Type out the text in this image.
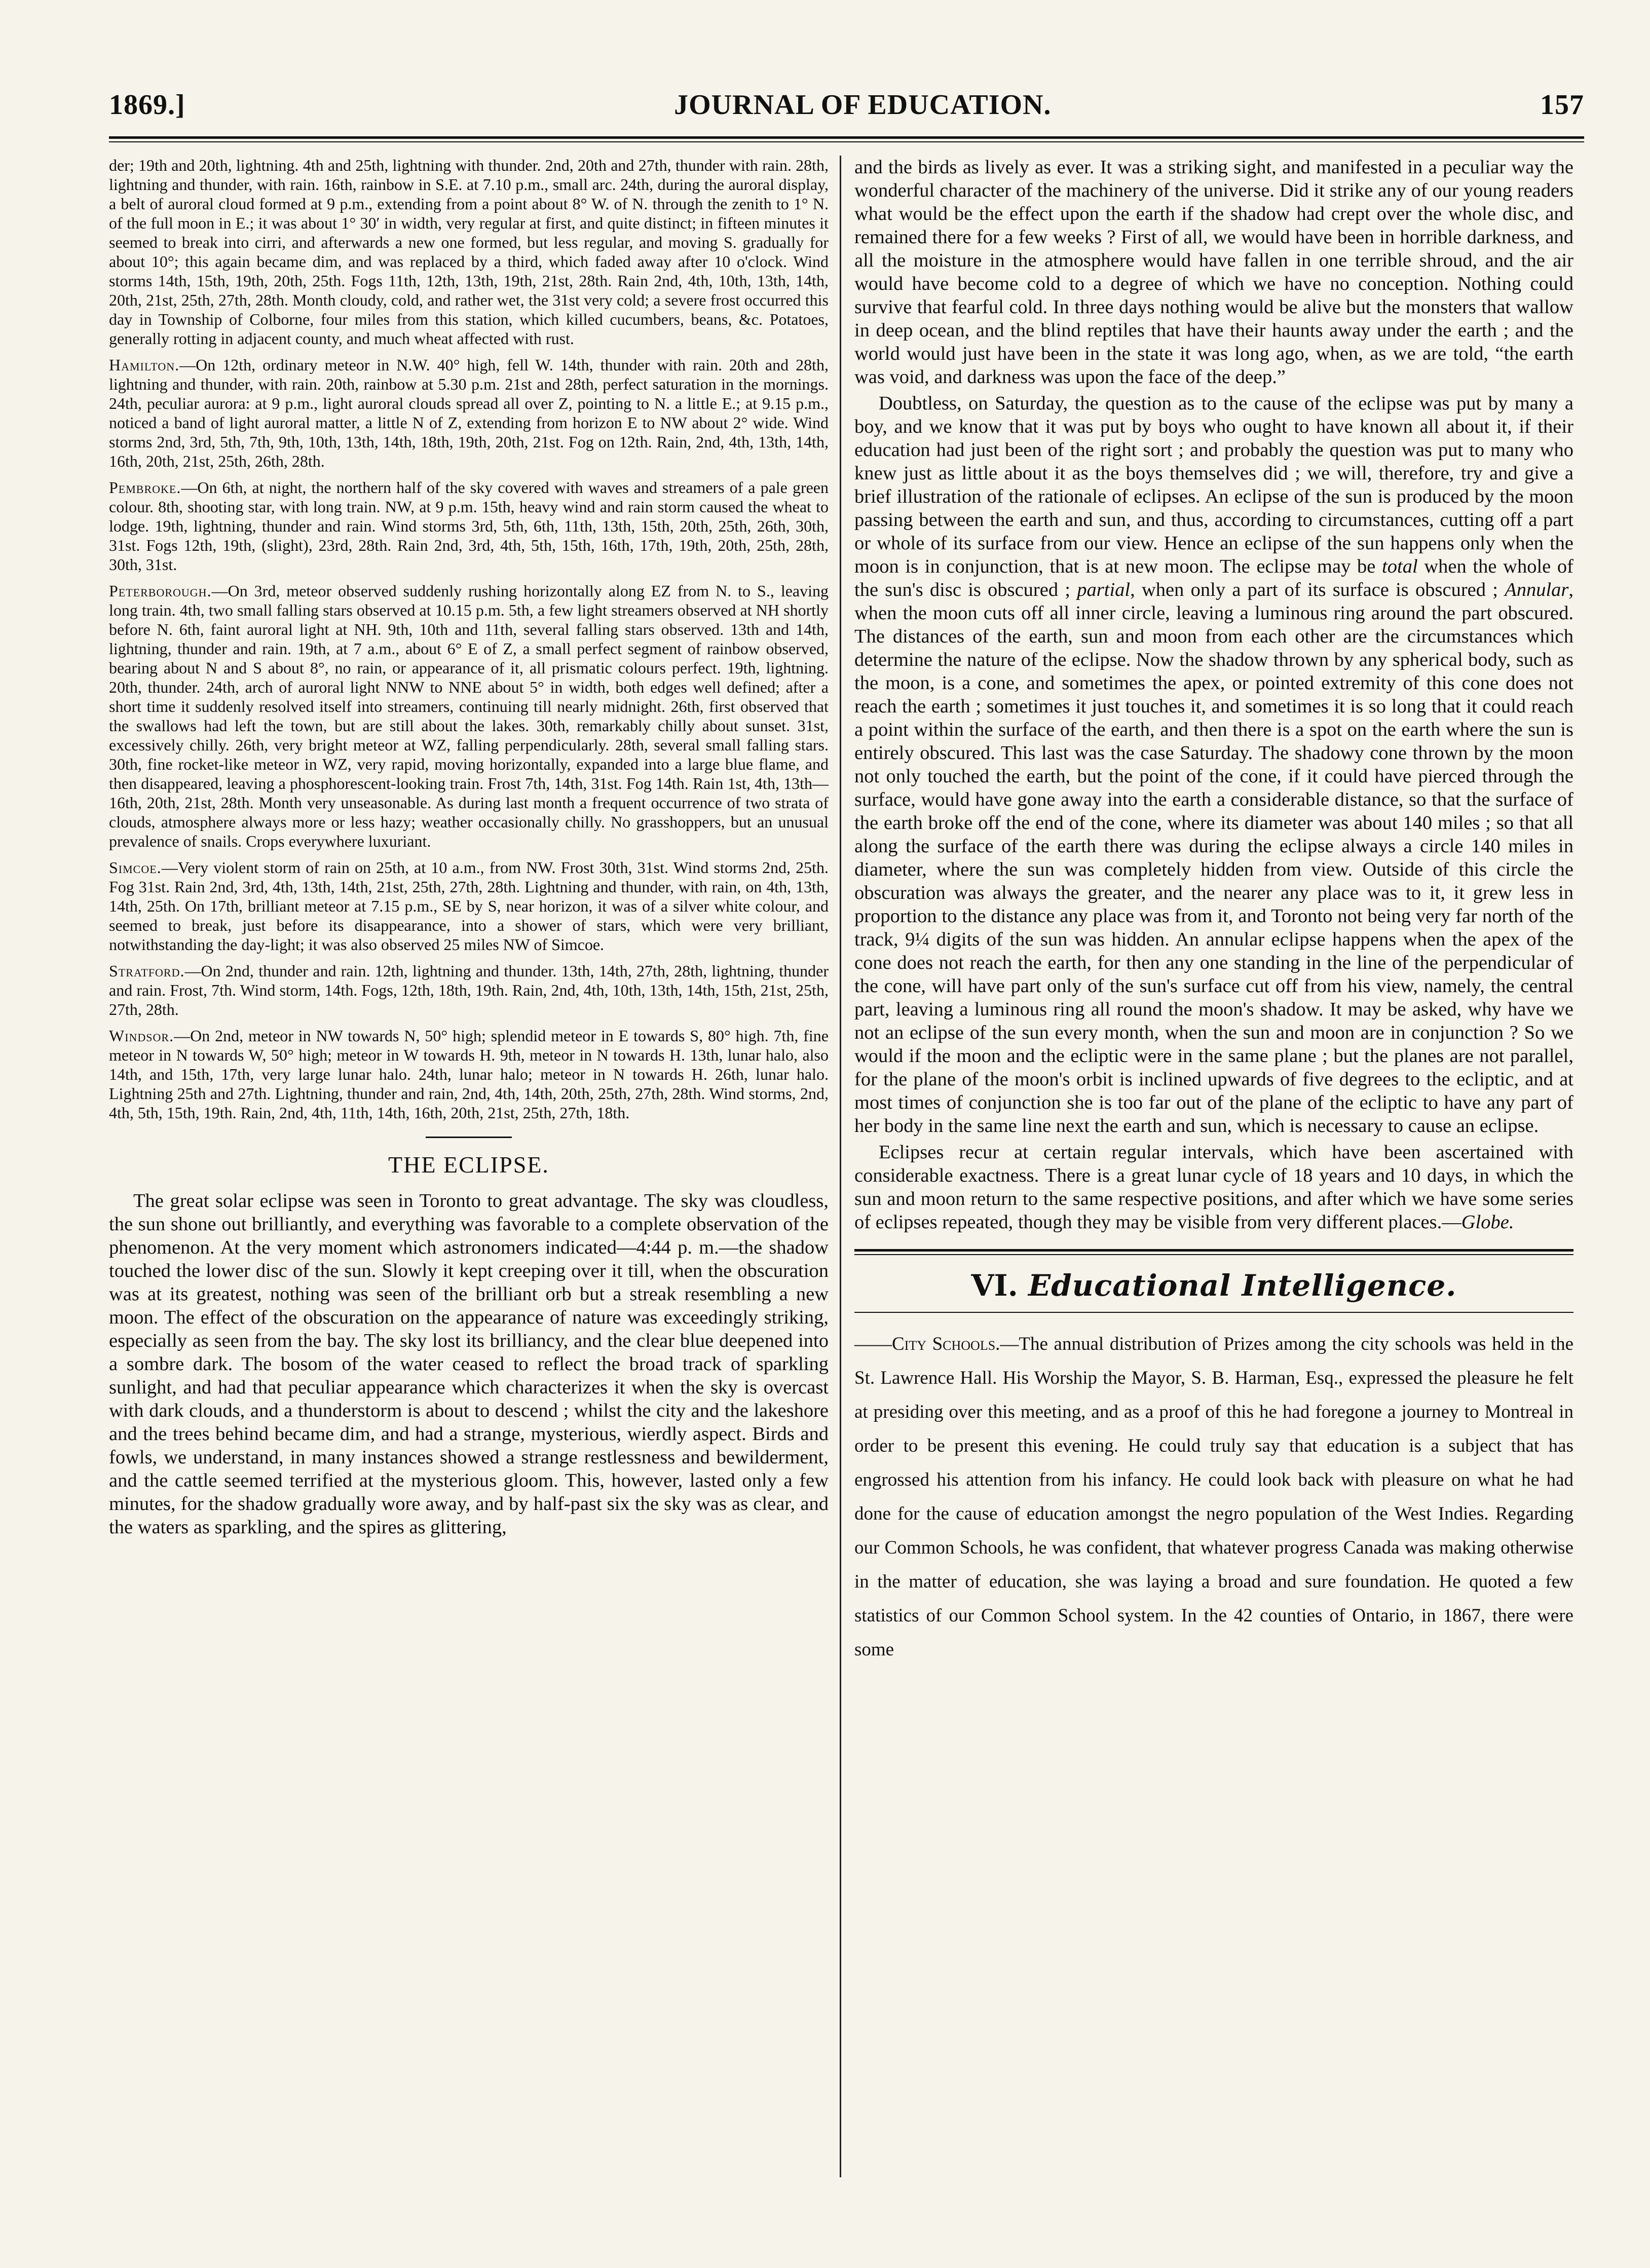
1869.]	JOURNAL OF EDUCATION.	157

der; 19th and 20th, lightning. 4th and 25th, lightning with thunder. 2nd, 20th and 27th, thunder with rain. 28th, lightning and thunder, with rain. 16th, rainbow in S.E. at 7.10 p.m., small arc. 24th, during the auroral display, a belt of auroral cloud formed at 9 p.m., extending from a point about 8° W. of N. through the zenith to 1° N. of the full moon in E.; it was about 1° 30′ in width, very regular at first, and quite distinct; in fifteen minutes it seemed to break into cirri, and afterwards a new one formed, but less regular, and moving S. gradually for about 10°; this again became dim, and was replaced by a third, which faded away after 10 o'clock. Wind storms 14th, 15th, 19th, 20th, 25th. Fogs 11th, 12th, 13th, 19th, 21st, 28th. Rain 2nd, 4th, 10th, 13th, 14th, 20th, 21st, 25th, 27th, 28th. Month cloudy, cold, and rather wet, the 31st very cold; a severe frost occurred this day in Township of Colborne, four miles from this station, which killed cucumbers, beans, &c. Potatoes, generally rotting in adjacent county, and much wheat affected with rust.

Hamilton.—On 12th, ordinary meteor in N.W. 40° high, fell W. 14th, thunder with rain. 20th and 28th, lightning and thunder, with rain. 20th, rainbow at 5.30 p.m. 21st and 28th, perfect saturation in the mornings. 24th, peculiar aurora: at 9 p.m., light auroral clouds spread all over Z, pointing to N. a little E.; at 9.15 p.m., noticed a band of light auroral matter, a little N of Z, extending from horizon E to NW about 2° wide. Wind storms 2nd, 3rd, 5th, 7th, 9th, 10th, 13th, 14th, 18th, 19th, 20th, 21st. Fog on 12th. Rain, 2nd, 4th, 13th, 14th, 16th, 20th, 21st, 25th, 26th, 28th.

Pembroke.—On 6th, at night, the northern half of the sky covered with waves and streamers of a pale green colour. 8th, shooting star, with long train. NW, at 9 p.m. 15th, heavy wind and rain storm caused the wheat to lodge. 19th, lightning, thunder and rain. Wind storms 3rd, 5th, 6th, 11th, 13th, 15th, 20th, 25th, 26th, 30th, 31st. Fogs 12th, 19th, (slight), 23rd, 28th. Rain 2nd, 3rd, 4th, 5th, 15th, 16th, 17th, 19th, 20th, 25th, 28th, 30th, 31st.

Peterborough.—On 3rd, meteor observed suddenly rushing horizontally along EZ from N. to S., leaving long train. 4th, two small falling stars observed at 10.15 p.m. 5th, a few light streamers observed at NH shortly before N. 6th, faint auroral light at NH. 9th, 10th and 11th, several falling stars observed. 13th and 14th, lightning, thunder and rain. 19th, at 7 a.m., about 6° E of Z, a small perfect segment of rainbow observed, bearing about N and S about 8°, no rain, or appearance of it, all prismatic colours perfect. 19th, lightning. 20th, thunder. 24th, arch of auroral light NNW to NNE about 5° in width, both edges well defined; after a short time it suddenly resolved itself into streamers, continuing till nearly midnight. 26th, first observed that the swallows had left the town, but are still about the lakes. 30th, remarkably chilly about sunset. 31st, excessively chilly. 26th, very bright meteor at WZ, falling perpendicularly. 28th, several small falling stars. 30th, fine rocket-like meteor in WZ, very rapid, moving horizontally, expanded into a large blue flame, and then disappeared, leaving a phosphorescent-looking train. Frost 7th, 14th, 31st. Fog 14th. Rain 1st, 4th, 13th—16th, 20th, 21st, 28th. Month very unseasonable. As during last month a frequent occurrence of two strata of clouds, atmosphere always more or less hazy; weather occasionally chilly. No grasshoppers, but an unusual prevalence of snails. Crops everywhere luxuriant.

Simcoe.—Very violent storm of rain on 25th, at 10 a.m., from NW. Frost 30th, 31st. Wind storms 2nd, 25th. Fog 31st. Rain 2nd, 3rd, 4th, 13th, 14th, 21st, 25th, 27th, 28th. Lightning and thunder, with rain, on 4th, 13th, 14th, 25th. On 17th, brilliant meteor at 7.15 p.m., SE by S, near horizon, it was of a silver white colour, and seemed to break, just before its disappearance, into a shower of stars, which were very brilliant, notwithstanding the day-light; it was also observed 25 miles NW of Simcoe.

Stratford.—On 2nd, thunder and rain. 12th, lightning and thunder. 13th, 14th, 27th, 28th, lightning, thunder and rain. Frost, 7th. Wind storm, 14th. Fogs, 12th, 18th, 19th. Rain, 2nd, 4th, 10th, 13th, 14th, 15th, 21st, 25th, 27th, 28th.

Windsor.—On 2nd, meteor in NW towards N, 50° high; splendid meteor in E towards S, 80° high. 7th, fine meteor in N towards W, 50° high; meteor in W towards H. 9th, meteor in N towards H. 13th, lunar halo, also 14th, and 15th, 17th, very large lunar halo. 24th, lunar halo; meteor in N towards H. 26th, lunar halo. Lightning 25th and 27th. Lightning, thunder and rain, 2nd, 4th, 14th, 20th, 25th, 27th, 28th. Wind storms, 2nd, 4th, 5th, 15th, 19th. Rain, 2nd, 4th, 11th, 14th, 16th, 20th, 21st, 25th, 27th, 18th.

THE ECLIPSE.

The great solar eclipse was seen in Toronto to great advantage. The sky was cloudless, the sun shone out brilliantly, and everything was favorable to a complete observation of the phenomenon. At the very moment which astronomers indicated—4:44 p. m.—the shadow touched the lower disc of the sun. Slowly it kept creeping over it till, when the obscuration was at its greatest, nothing was seen of the brilliant orb but a streak resembling a new moon. The effect of the obscuration on the appearance of nature was exceedingly striking, especially as seen from the bay. The sky lost its brilliancy, and the clear blue deepened into a sombre dark. The bosom of the water ceased to reflect the broad track of sparkling sunlight, and had that peculiar appearance which characterizes it when the sky is overcast with dark clouds, and a thunderstorm is about to descend ; whilst the city and the lakeshore and the trees behind became dim, and had a strange, mysterious, wierdly aspect. Birds and fowls, we understand, in many instances showed a strange restlessness and bewilderment, and the cattle seemed terrified at the mysterious gloom. This, however, lasted only a few minutes, for the shadow gradually wore away, and by half-past six the sky was as clear, and the waters as sparkling, and the spires as glittering,

and the birds as lively as ever. It was a striking sight, and manifested in a peculiar way the wonderful character of the machinery of the universe. Did it strike any of our young readers what would be the effect upon the earth if the shadow had crept over the whole disc, and remained there for a few weeks ? First of all, we would have been in horrible darkness, and all the moisture in the atmosphere would have fallen in one terrible shroud, and the air would have become cold to a degree of which we have no conception. Nothing could survive that fearful cold. In three days nothing would be alive but the monsters that wallow in deep ocean, and the blind reptiles that have their haunts away under the earth ; and the world would just have been in the state it was long ago, when, as we are told, “the earth was void, and darkness was upon the face of the deep.”

Doubtless, on Saturday, the question as to the cause of the eclipse was put by many a boy, and we know that it was put by boys who ought to have known all about it, if their education had just been of the right sort ; and probably the question was put to many who knew just as little about it as the boys themselves did ; we will, therefore, try and give a brief illustration of the rationale of eclipses. An eclipse of the sun is produced by the moon passing between the earth and sun, and thus, according to circumstances, cutting off a part or whole of its surface from our view. Hence an eclipse of the sun happens only when the moon is in conjunction, that is at new moon. The eclipse may be total when the whole of the sun's disc is obscured ; partial, when only a part of its surface is obscured ; Annular, when the moon cuts off all inner circle, leaving a luminous ring around the part obscured. The distances of the earth, sun and moon from each other are the circumstances which determine the nature of the eclipse. Now the shadow thrown by any spherical body, such as the moon, is a cone, and sometimes the apex, or pointed extremity of this cone does not reach the earth ; sometimes it just touches it, and sometimes it is so long that it could reach a point within the surface of the earth, and then there is a spot on the earth where the sun is entirely obscured. This last was the case Saturday. The shadowy cone thrown by the moon not only touched the earth, but the point of the cone, if it could have pierced through the surface, would have gone away into the earth a considerable distance, so that the surface of the earth broke off the end of the cone, where its diameter was about 140 miles ; so that all along the surface of the earth there was during the eclipse always a circle 140 miles in diameter, where the sun was completely hidden from view. Outside of this circle the obscuration was always the greater, and the nearer any place was to it, it grew less in proportion to the distance any place was from it, and Toronto not being very far north of the track, 9¼ digits of the sun was hidden. An annular eclipse happens when the apex of the cone does not reach the earth, for then any one standing in the line of the perpendicular of the cone, will have part only of the sun's surface cut off from his view, namely, the central part, leaving a luminous ring all round the moon's shadow. It may be asked, why have we not an eclipse of the sun every month, when the sun and moon are in conjunction ? So we would if the moon and the ecliptic were in the same plane ; but the planes are not parallel, for the plane of the moon's orbit is inclined upwards of five degrees to the ecliptic, and at most times of conjunction she is too far out of the plane of the ecliptic to have any part of her body in the same line next the earth and sun, which is necessary to cause an eclipse.

Eclipses recur at certain regular intervals, which have been ascertained with considerable exactness. There is a great lunar cycle of 18 years and 10 days, in which the sun and moon return to the same respective positions, and after which we have some series of eclipses repeated, though they may be visible from very different places.—Globe.

VI. Educational Intelligence.

——City Schools.—The annual distribution of Prizes among the city schools was held in the St. Lawrence Hall. His Worship the Mayor, S. B. Harman, Esq., expressed the pleasure he felt at presiding over this meeting, and as a proof of this he had foregone a journey to Montreal in order to be present this evening. He could truly say that education is a subject that has engrossed his attention from his infancy. He could look back with pleasure on what he had done for the cause of education amongst the negro population of the West Indies. Regarding our Common Schools, he was confident, that whatever progress Canada was making otherwise in the matter of education, she was laying a broad and sure foundation. He quoted a few statistics of our Common School system. In the 42 counties of Ontario, in 1867, there were some
